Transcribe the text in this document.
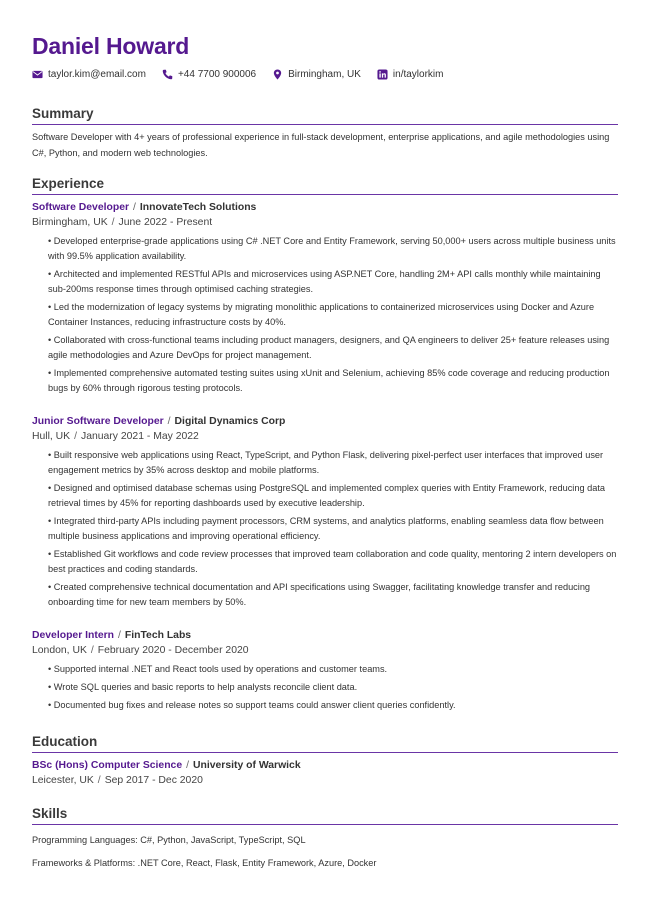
Daniel Howard
taylor.kim@email.com	+44 7700 900006	Birmingham, UK	in/taylorkim
Summary
Software Developer with 4+ years of professional experience in full-stack development, enterprise applications, and agile methodologies using C#, Python, and modern web technologies.
Experience
Software Developer / InnovateTech Solutions
Birmingham, UK / June 2022 - Present
• Developed enterprise-grade applications using C# .NET Core and Entity Framework, serving 50,000+ users across multiple business units with 99.5% application availability.
• Architected and implemented RESTful APIs and microservices using ASP.NET Core, handling 2M+ API calls monthly while maintaining sub-200ms response times through optimised caching strategies.
• Led the modernization of legacy systems by migrating monolithic applications to containerized microservices using Docker and Azure Container Instances, reducing infrastructure costs by 40%.
• Collaborated with cross-functional teams including product managers, designers, and QA engineers to deliver 25+ feature releases using agile methodologies and Azure DevOps for project management.
• Implemented comprehensive automated testing suites using xUnit and Selenium, achieving 85% code coverage and reducing production bugs by 60% through rigorous testing protocols.
Junior Software Developer / Digital Dynamics Corp
Hull, UK / January 2021 - May 2022
• Built responsive web applications using React, TypeScript, and Python Flask, delivering pixel-perfect user interfaces that improved user engagement metrics by 35% across desktop and mobile platforms.
• Designed and optimised database schemas using PostgreSQL and implemented complex queries with Entity Framework, reducing data retrieval times by 45% for reporting dashboards used by executive leadership.
• Integrated third-party APIs including payment processors, CRM systems, and analytics platforms, enabling seamless data flow between multiple business applications and improving operational efficiency.
• Established Git workflows and code review processes that improved team collaboration and code quality, mentoring 2 intern developers on best practices and coding standards.
• Created comprehensive technical documentation and API specifications using Swagger, facilitating knowledge transfer and reducing onboarding time for new team members by 50%.
Developer Intern / FinTech Labs
London, UK / February 2020 - December 2020
• Supported internal .NET and React tools used by operations and customer teams.
• Wrote SQL queries and basic reports to help analysts reconcile client data.
• Documented bug fixes and release notes so support teams could answer client queries confidently.
Education
BSc (Hons) Computer Science / University of Warwick
Leicester, UK / Sep 2017 - Dec 2020
Skills
Programming Languages: C#, Python, JavaScript, TypeScript, SQL
Frameworks & Platforms: .NET Core, React, Flask, Entity Framework, Azure, Docker
